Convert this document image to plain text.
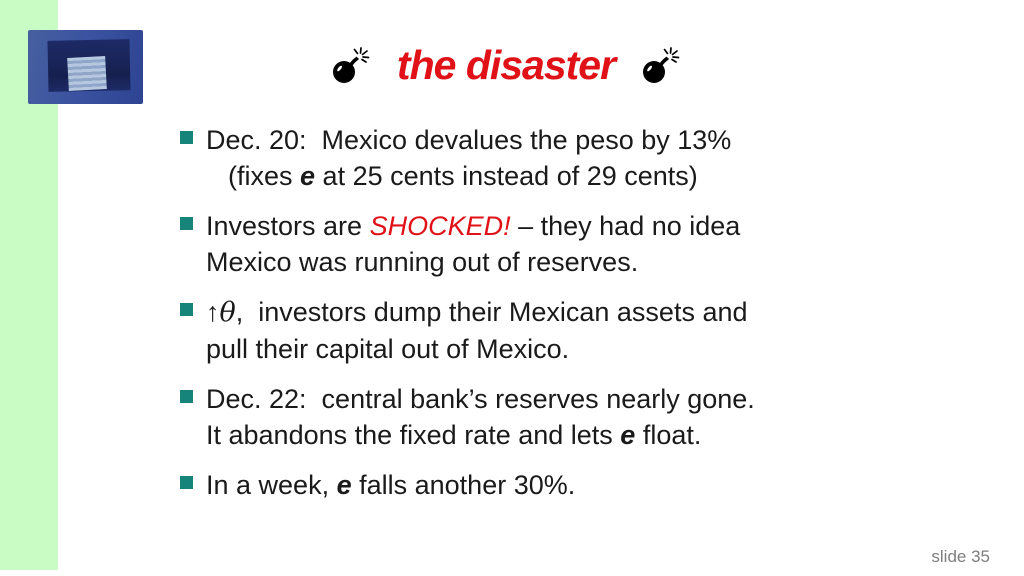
the disaster
Dec. 20:  Mexico devalues the peso by 13%
(fixes e at 25 cents instead of 29 cents)
Investors are SHOCKED! – they had no idea
Mexico was running out of reserves.
↑θ,  investors dump their Mexican assets and
pull their capital out of Mexico.
Dec. 22:  central bank’s reserves nearly gone.
It abandons the fixed rate and lets e float.
In a week, e falls another 30%.
slide 35
